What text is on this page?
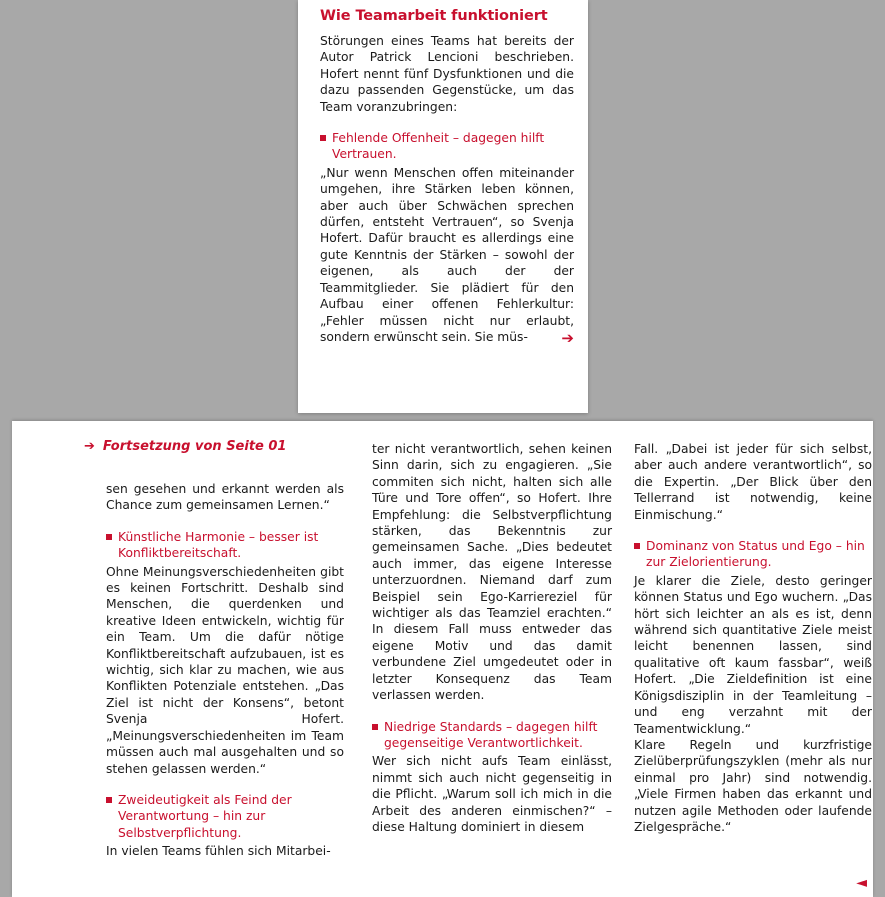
Wie Teamarbeit funktioniert

Störungen eines Teams hat bereits der Autor Patrick Lencioni beschrieben. Hofert nennt fünf Dysfunktionen und die dazu passenden Gegenstücke, um das Team voranzubringen:

Fehlende Offenheit – dagegen hilft Vertrauen.

„Nur wenn Menschen offen miteinander umgehen, ihre Stärken leben können, aber auch über Schwächen sprechen dürfen, entsteht Vertrauen“, so Svenja Hofert. Dafür braucht es allerdings eine gute Kenntnis der Stärken – sowohl der eigenen, als auch der der Teammitglieder. Sie plädiert für den Aufbau einer offenen Fehlerkultur: „Fehler müssen nicht nur erlaubt, sondern erwünscht sein. Sie müs-	➔
➔ Fortsetzung von Seite 01

sen gesehen und erkannt werden als Chance zum gemeinsamen Lernen.“

Künstliche Harmonie – besser ist Konfliktbereitschaft.

Ohne Meinungsverschiedenheiten gibt es keinen Fortschritt. Deshalb sind Menschen, die querdenken und kreative Ideen entwickeln, wichtig für ein Team. Um die dafür nötige Konfliktbereitschaft aufzubauen, ist es wichtig, sich klar zu machen, wie aus Konflikten Potenziale entstehen. „Das Ziel ist nicht der Konsens“, betont Svenja Hofert. „Meinungsverschiedenheiten im Team müssen auch mal ausgehalten und so stehen gelassen werden.“

Zweideutigkeit als Feind der Verantwortung – hin zur Selbstverpflichtung.

In vielen Teams fühlen sich Mitarbei-

ter nicht verantwortlich, sehen keinen Sinn darin, sich zu engagieren. „Sie commiten sich nicht, halten sich alle Türe und Tore offen“, so Hofert. Ihre Empfehlung: die Selbstverpflichtung stärken, das Bekenntnis zur gemeinsamen Sache. „Dies bedeutet auch immer, das eigene Interesse unterzuordnen. Niemand darf zum Beispiel sein Ego-Karriereziel für wichtiger als das Teamziel erachten.“ In diesem Fall muss entweder das eigene Motiv und das damit verbundene Ziel umgedeutet oder in letzter Konsequenz das Team verlassen werden.

Niedrige Standards – dagegen hilft gegenseitige Verantwortlichkeit.

Wer sich nicht aufs Team einlässt, nimmt sich auch nicht gegenseitig in die Pflicht. „Warum soll ich mich in die Arbeit des anderen einmischen?“ – diese Haltung dominiert in diesem

Fall. „Dabei ist jeder für sich selbst, aber auch andere verantwortlich“, so die Expertin. „Der Blick über den Tellerrand ist notwendig, keine Einmischung.“

Dominanz von Status und Ego – hin zur Zielorientierung.

Je klarer die Ziele, desto geringer können Status und Ego wuchern. „Das hört sich leichter an als es ist, denn während sich quantitative Ziele meist leicht benennen lassen, sind qualitative oft kaum fassbar“, weiß Hofert. „Die Zieldefinition ist eine Königsdisziplin in der Teamleitung – und eng verzahnt mit der Teamentwicklung.“

Klare Regeln und kurzfristige Zielüberprüfungszyklen (mehr als nur einmal pro Jahr) sind notwendig. „Viele Firmen haben das erkannt und nutzen agile Methoden oder laufende Zielgespräche.“

◄
